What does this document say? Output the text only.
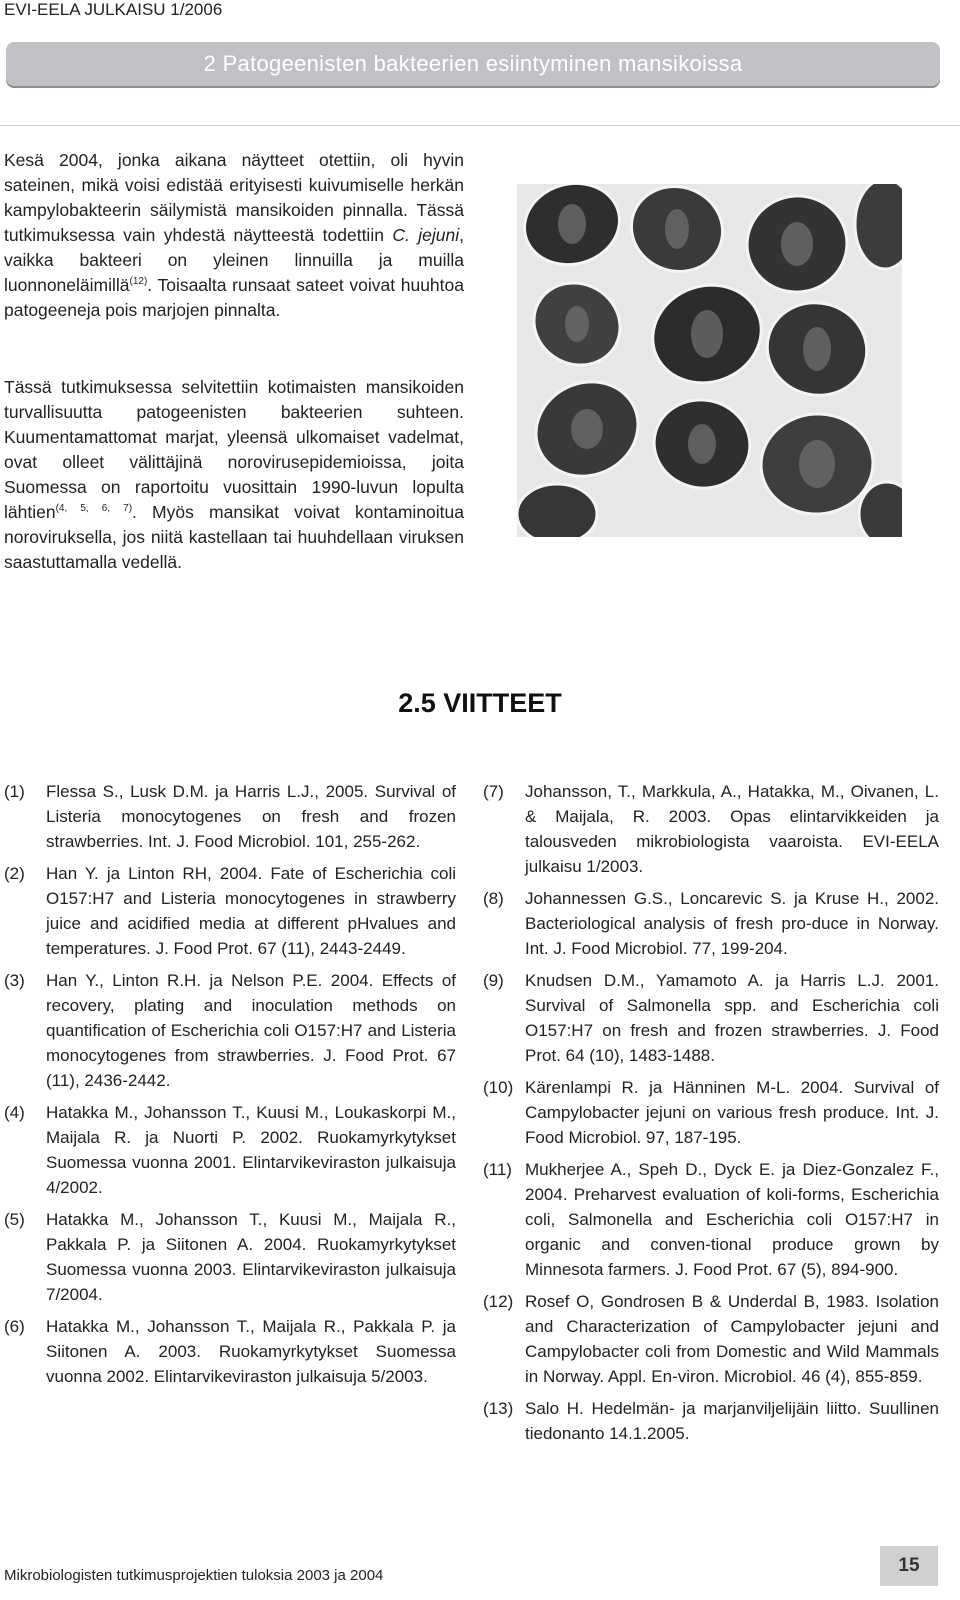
EVI-EELA JULKAISU 1/2006
2 Patogeenisten bakteerien esiintyminen mansikoissa

Kesä 2004, jonka aikana näytteet otettiin, oli hyvin sateinen, mikä voisi edistää erityisesti kuivumiselle herkän kampylobakteerin säilymistä mansikoiden pinnalla. Tässä tutkimuksessa vain yhdestä näytteestä todettiin C. jejuni, vaikka bakteeri on yleinen linnuilla ja muilla luonnoneläimillä$^{(12)}$. Toisaalta runsaat sateet voivat huuhtoa patogeeneja pois marjojen pinnalta.

Tässä tutkimuksessa selvitettiin kotimaisten mansikoiden turvallisuutta patogeenisten bakteerien suhteen. Kuumentamattomat marjat, yleensä ulkomaiset vadelmat, ovat olleet välittäjinä norovirusepidemioissa, joita Suomessa on raportoitu vuosittain 1990-luvun lopulta lähtien$^{(4, 5, 6, 7)}$. Myös mansikat voivat kontaminoitua noroviruksella, jos niitä kastellaan tai huuhdellaan viruksen saastuttamalla vedellä.

2.5 VIITTEET
(1)	Flessa S., Lusk D.M. ja Harris L.J., 2005. Survival of Listeria monocytogenes on fresh and frozen strawberries. Int. J. Food Microbiol. 101, 255-262.
(2)	Han Y. ja Linton RH, 2004. Fate of Escherichia coli O157:H7 and Listeria monocytogenes in strawberry juice and acidified media at different pHvalues and temperatures. J. Food Prot. 67 (11), 2443-2449.
(3)	Han Y., Linton R.H. ja Nelson P.E. 2004. Effects of recovery, plating and inoculation methods on quantification of Escherichia coli O157:H7 and Listeria monocytogenes from strawberries. J. Food Prot. 67 (11), 2436-2442.
(4)	Hatakka M., Johansson T., Kuusi M., Loukaskorpi M., Maijala R. ja Nuorti P. 2002. Ruokamyrkytykset Suomessa vuonna 2001. Elintarvikeviraston julkaisuja 4/2002.
(5)	Hatakka M., Johansson T., Kuusi M., Maijala R., Pakkala P. ja Siitonen A. 2004. Ruokamyrkytykset Suomessa vuonna 2003. Elintarvikeviraston julkaisuja 7/2004.
(6)	Hatakka M., Johansson T., Maijala R., Pakkala P. ja Siitonen A. 2003. Ruokamyrkytykset Suomessa vuonna 2002. Elintarvikeviraston julkaisuja 5/2003.
(7)	Johansson, T., Markkula, A., Hatakka, M., Oivanen, L. & Maijala, R. 2003. Opas elintarvikkeiden ja talousveden mikrobiologista vaaroista. EVI-EELA julkaisu 1/2003.
(8)	Johannessen G.S., Loncarevic S. ja Kruse H., 2002. Bacteriological analysis of fresh pro-duce in Norway. Int. J. Food Microbiol. 77, 199-204.
(9)	Knudsen D.M., Yamamoto A. ja Harris L.J. 2001. Survival of Salmonella spp. and Escherichia coli O157:H7 on fresh and frozen strawberries. J. Food Prot. 64 (10), 1483-1488.
(10) Kärenlampi R. ja Hänninen M-L. 2004. Survival of Campylobacter jejuni on various fresh produce. Int. J. Food Microbiol. 97, 187-195.
(11) Mukherjee A., Speh D., Dyck E. ja Diez-Gonzalez F., 2004. Preharvest evaluation of koli-forms, Escherichia coli, Salmonella and Escherichia coli O157:H7 in organic and conven-tional produce grown by Minnesota farmers. J. Food Prot. 67 (5), 894-900.
(12) Rosef O, Gondrosen B & Underdal B, 1983. Isolation and Characterization of Campylobacter jejuni and Campylobacter coli from Domestic and Wild Mammals in Norway. Appl. En-viron. Microbiol. 46 (4), 855-859.
(13) Salo H. Hedelmän- ja marjanviljelijäin liitto. Suullinen tiedonanto 14.1.2005.
Mikrobiologisten tutkimusprojektien tuloksia 2003 ja 2004	15
